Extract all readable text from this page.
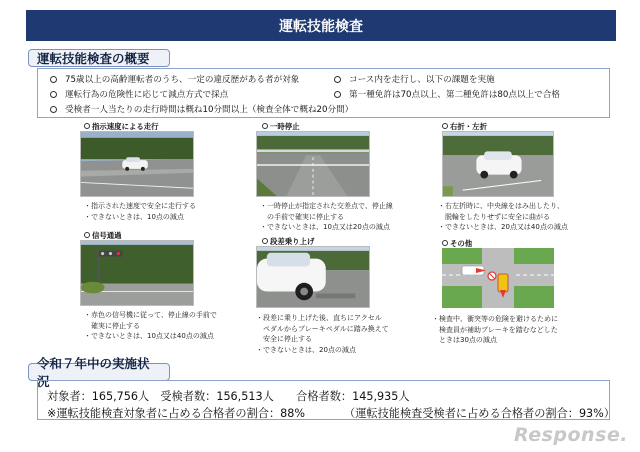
運転技能検査
運転技能検査の概要
75歳以上の高齢運転者のうち、一定の違反歴がある者が対象
運転行為の危険性に応じて減点方式で採点
受検者一人当たりの走行時間は概ね10分間以上（検査全体で概ね20分間）
コース内を走行し、以下の課題を実施
第一種免許は70点以上、第二種免許は80点以上で合格
指示速度による走行
・指示された速度で安全に走行する
・できないときは、10点の減点
一時停止
・一時停止が指定された交差点で、停止線
　の手前で確実に停止する
・できないときは、10点又は20点の減点
右折・左折
・右左折時に、中央線をはみ出したり、
　脱輪をしたりせずに安全に曲がる
・できないときは、20点又は40点の減点
信号通過
・赤色の信号機に従って、停止線の手前で
　確実に停止する
・できないときは、10点又は40点の減点
段差乗り上げ
・段差に乗り上げた後、直ちにアクセル
　ペダルからブレーキペダルに踏み換えて
　安全に停止する
・できないときは、20点の減点
その他
・検査中、衝突等の危険を避けるために
　検査員が補助ブレーキを踏むなどした
　ときは30点の減点
令和７年中の実施状況
対象者：165,756人　受検者数：156,513人　　合格者数：145,935人
※運転技能検査対象者に占める合格者の割合：88%	（運転技能検査受検者に占める合格者の割合：93%）
Response.
